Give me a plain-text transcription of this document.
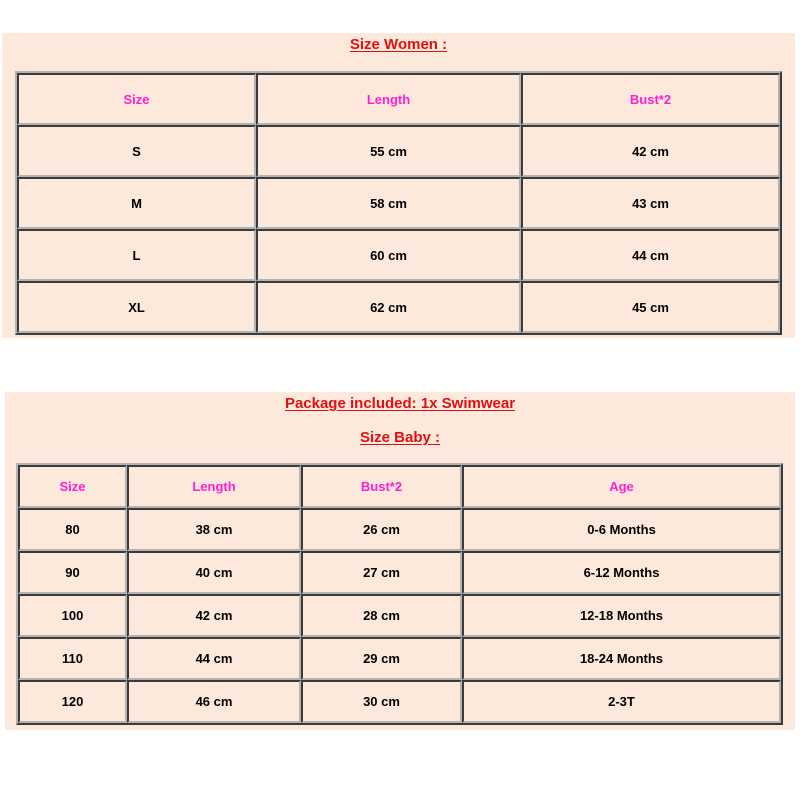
Size Women :
Size	Length	Bust*2
S	55 cm	42 cm
M	58 cm	43 cm
L	60 cm	44 cm
XL	62 cm	45 cm
Package included: 1x Swimwear
Size Baby :
Size	Length	Bust*2	Age
80	38 cm	26 cm	0-6 Months
90	40 cm	27 cm	6-12 Months
100	42 cm	28 cm	12-18 Months
110	44 cm	29 cm	18-24 Months
120	46 cm	30 cm	2-3T
